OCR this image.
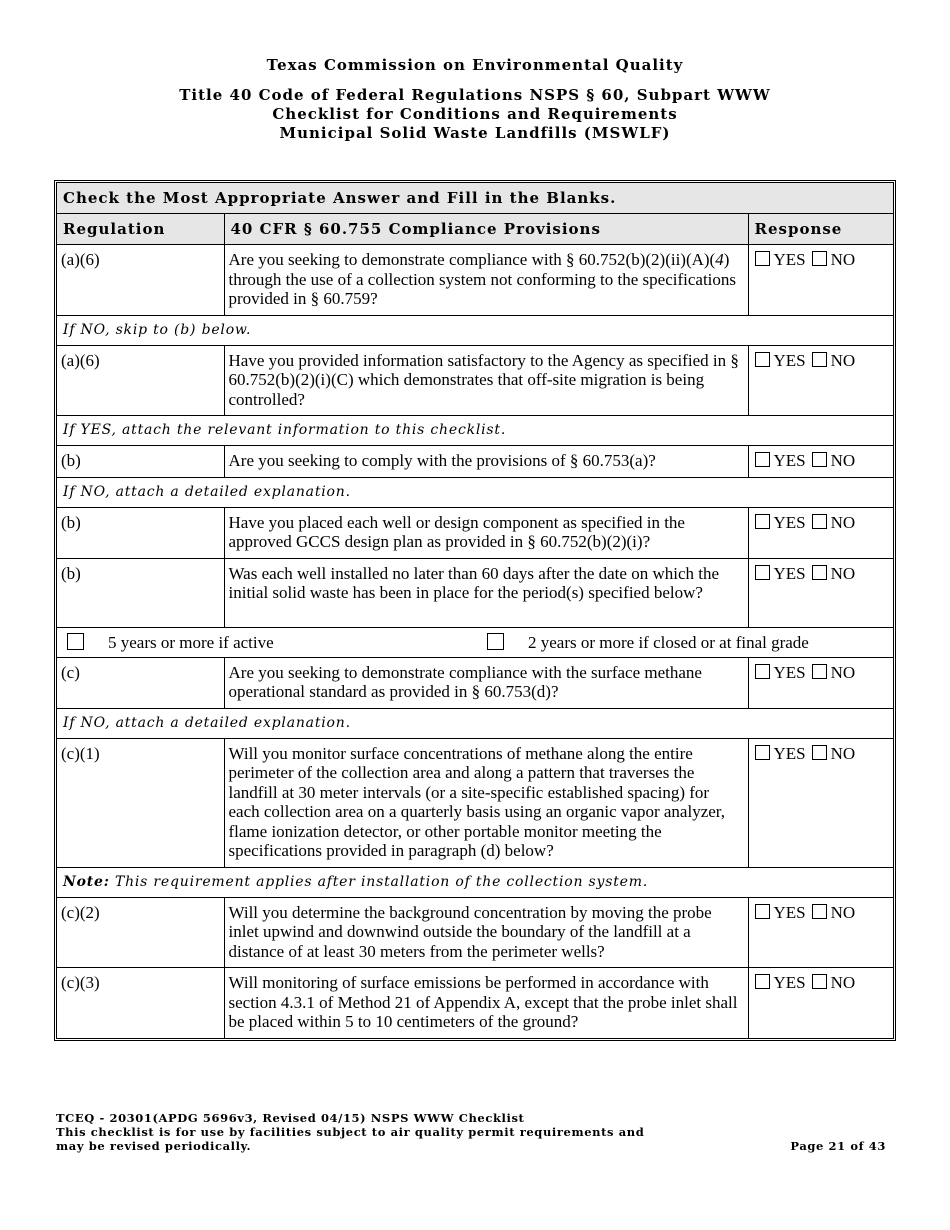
Texas Commission on Environmental Quality
Title 40 Code of Federal Regulations NSPS § 60, Subpart WWW
Checklist for Conditions and Requirements
Municipal Solid Waste Landfills (MSWLF)
Check the Most Appropriate Answer and Fill in the Blanks.		
Regulation	40 CFR § 60.755 Compliance Provisions	Response
(a)(6)	Are you seeking to demonstrate compliance with § 60.752(b)(2)(ii)(A)(4) through the use of a collection system not conforming to the specifications provided in § 60.759?	YES NO
If NO, skip to (b) below.		
(a)(6)	Have you provided information satisfactory to the Agency as specified in § 60.752(b)(2)(i)(C) which demonstrates that off-site migration is being controlled?	YES NO
If YES, attach the relevant information to this checklist.		
(b)	Are you seeking to comply with the provisions of § 60.753(a)?	YES NO
If NO, attach a detailed explanation.		
(b)	Have you placed each well or design component as specified in the approved GCCS design plan as provided in § 60.752(b)(2)(i)?	YES NO
(b)	Was each well installed no later than 60 days after the date on which the initial solid waste has been in place for the period(s) specified below?	YES NO

5 years or more if active 2 years or more if closed or at final grade		

(c)	Are you seeking to demonstrate compliance with the surface methane operational standard as provided in § 60.753(d)?	YES NO
If NO, attach a detailed explanation.		
(c)(1)	Will you monitor surface concentrations of methane along the entire perimeter of the collection area and along a pattern that traverses the landfill at 30 meter intervals (or a site-specific established spacing) for each collection area on a quarterly basis using an organic vapor analyzer, flame ionization detector, or other portable monitor meeting the specifications provided in paragraph (d) below?	YES NO
Note: This requirement applies after installation of the collection system.		
(c)(2)	Will you determine the background concentration by moving the probe inlet upwind and downwind outside the boundary of the landfill at a distance of at least 30 meters from the perimeter wells?	YES NO
(c)(3)	Will monitoring of surface emissions be performed in accordance with section 4.3.1 of Method 21 of Appendix A, except that the probe inlet shall be placed within 5 to 10 centimeters of the ground?	YES NO
TCEQ - 20301(APDG 5696v3, Revised 04/15) NSPS WWW Checklist
This checklist is for use by facilities subject to air quality permit requirements and
may be revised periodically.	Page 21 of 43
